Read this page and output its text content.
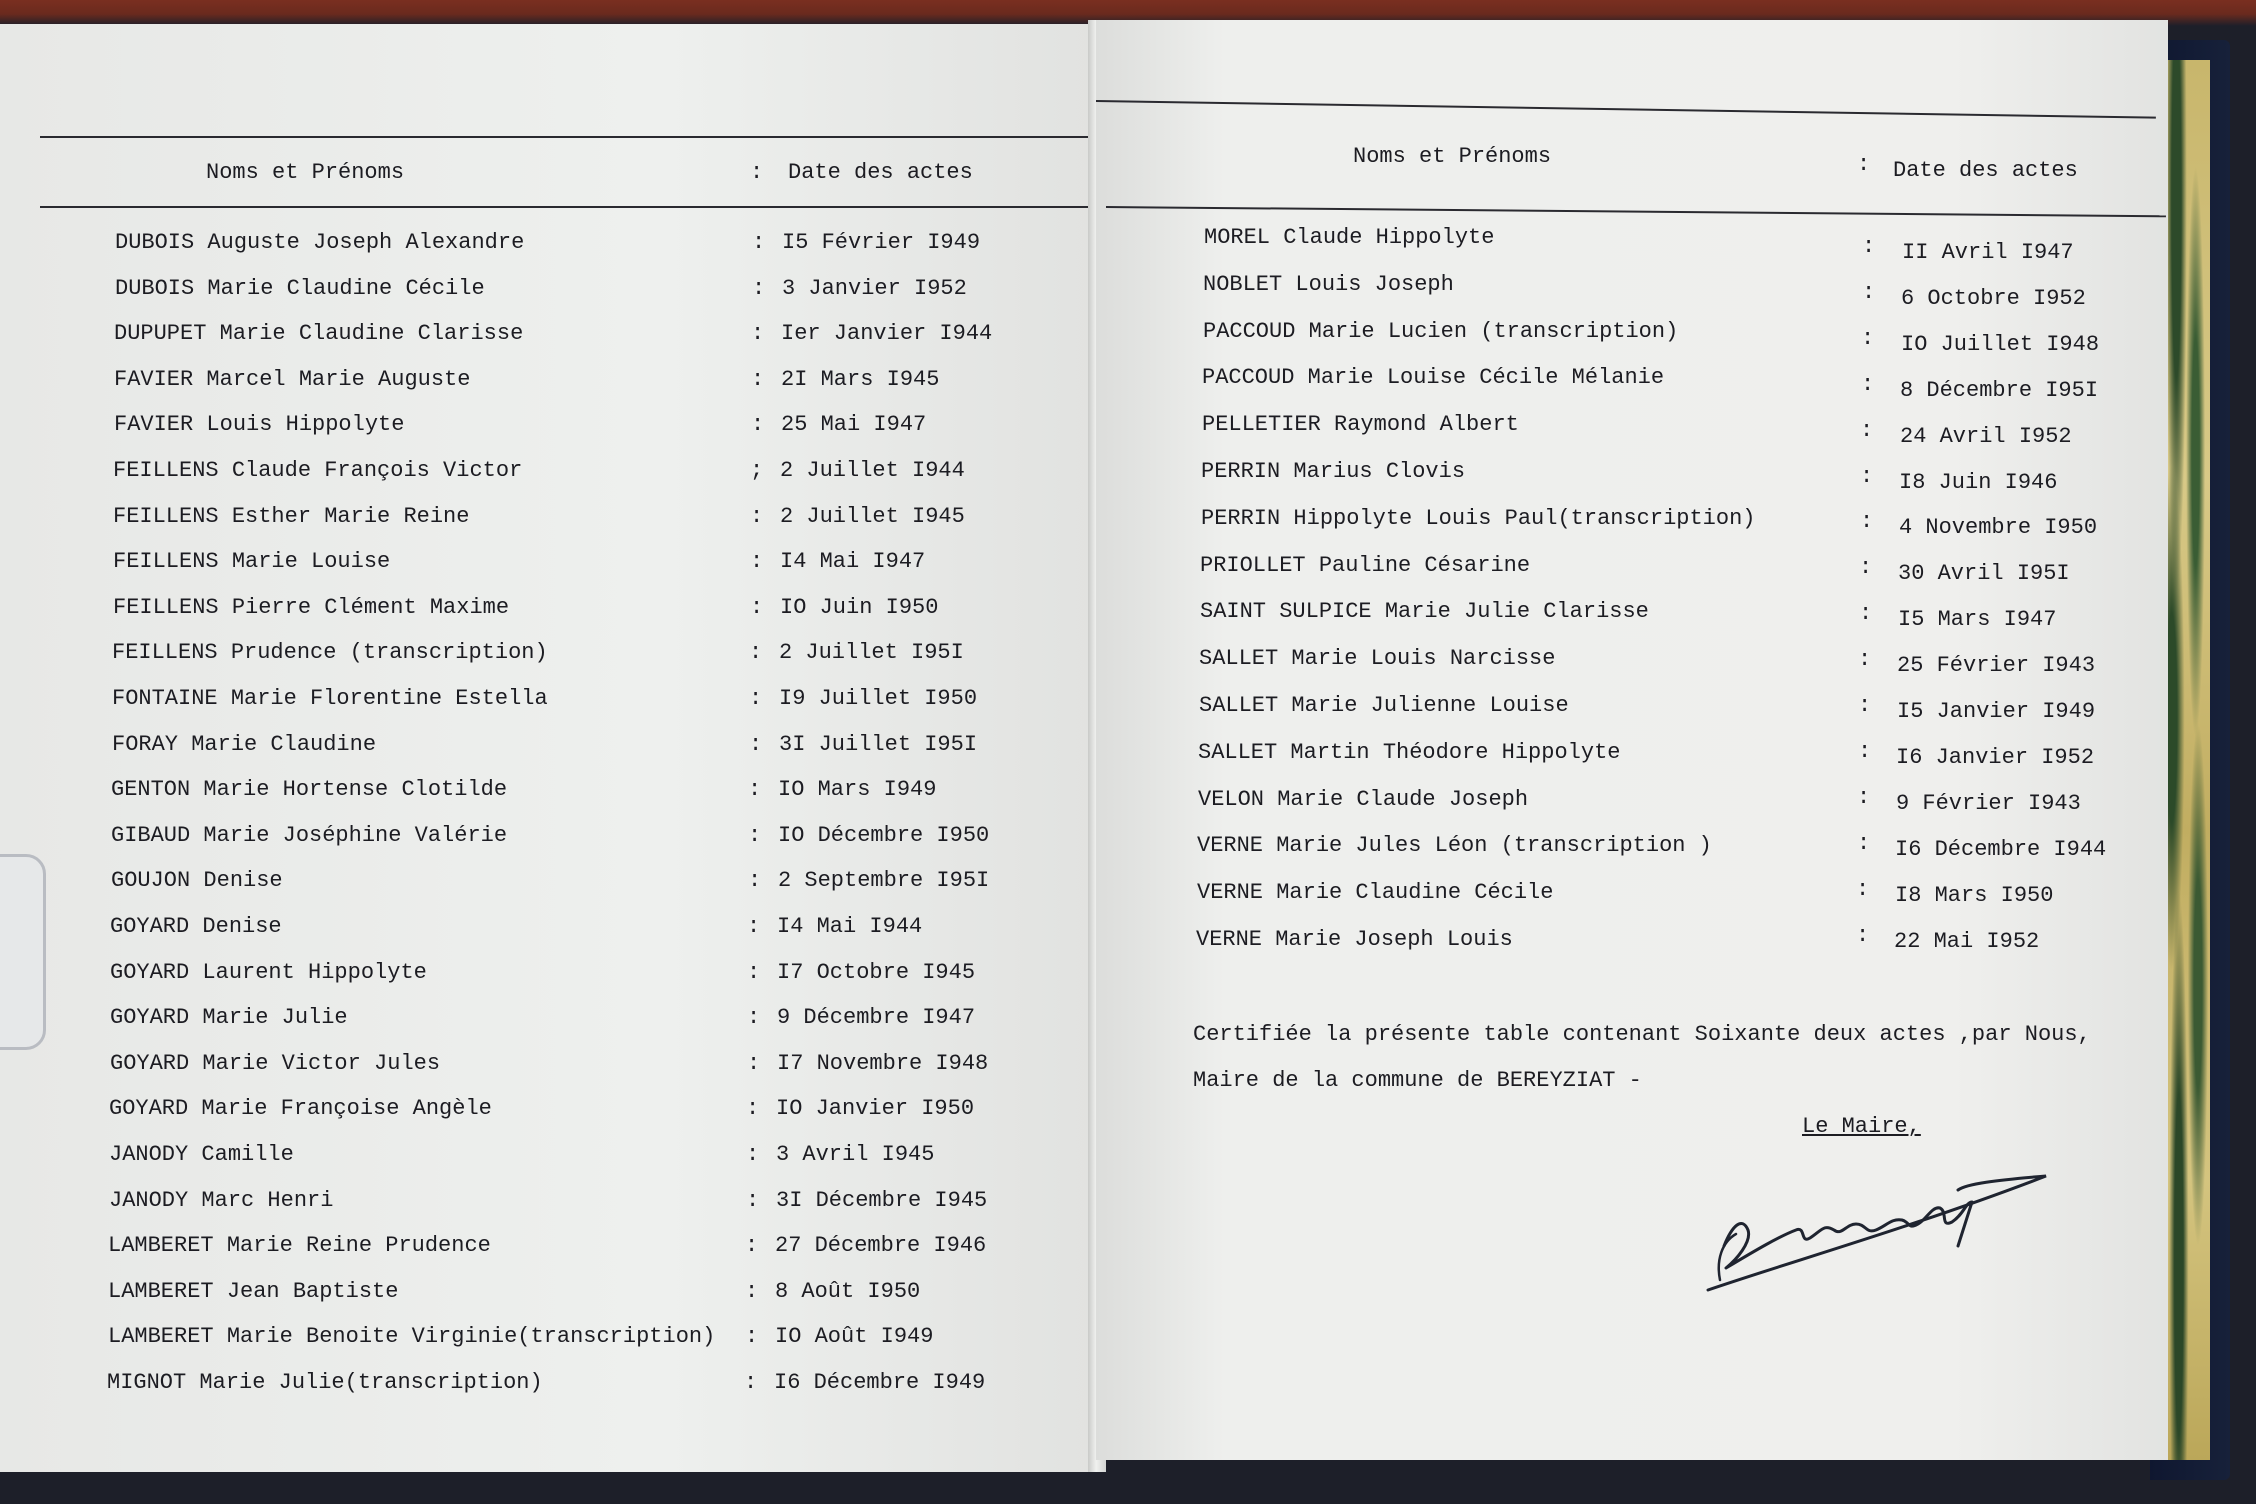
Noms et Prénoms	: Date des actes
DUBOIS Auguste Joseph Alexandre	: I5 Février I949
DUBOIS Marie Claudine Cécile	: 3 Janvier I952
DUPUPET Marie Claudine Clarisse	: Ier Janvier I944
FAVIER Marcel Marie Auguste	: 2I Mars I945
FAVIER Louis Hippolyte	: 25 Mai I947
FEILLENS Claude François Victor	; 2 Juillet I944
FEILLENS Esther Marie Reine	: 2 Juillet I945
FEILLENS Marie Louise	: I4 Mai I947
FEILLENS Pierre Clément Maxime	: IO Juin I950
FEILLENS Prudence (transcription)	: 2 Juillet I95I
FONTAINE Marie Florentine Estella	: I9 Juillet I950
FORAY Marie Claudine	: 3I Juillet I95I
GENTON Marie Hortense Clotilde	: IO Mars I949
GIBAUD Marie Joséphine Valérie	: IO Décembre I950
GOUJON Denise	: 2 Septembre I95I
GOYARD Denise	: I4 Mai I944
GOYARD Laurent Hippolyte	: I7 Octobre I945
GOYARD Marie Julie	: 9 Décembre I947
GOYARD Marie Victor Jules	: I7 Novembre I948
GOYARD Marie Françoise Angèle	: IO Janvier I950
JANODY Camille	: 3 Avril I945
JANODY Marc Henri	: 3I Décembre I945
LAMBERET Marie Reine Prudence	: 27 Décembre I946
LAMBERET Jean Baptiste	: 8 Août I950
LAMBERET Marie Benoite Virginie(transcription) : IO Août I949
MIGNOT Marie Julie(transcription)	: I6 Décembre I949
Noms et Prénoms	: Date des actes
Certifiée la présente table contenant Soixante deux actes ,par Nous,
Maire de la commune de BEREYZIAT -
Le Maire,
MOREL Claude Hippolyte	: II Avril I947
NOBLET Louis Joseph	: 6 Octobre I952
PACCOUD Marie Lucien (transcription)	: IO Juillet I948
PACCOUD Marie Louise Cécile Mélanie	: 8 Décembre I95I
PELLETIER Raymond Albert	: 24 Avril I952
PERRIN Marius Clovis	: I8 Juin I946
PERRIN Hippolyte Louis Paul(transcription)	: 4 Novembre I950
PRIOLLET Pauline Césarine	: 30 Avril I95I
SAINT SULPICE Marie Julie Clarisse	: I5 Mars I947
SALLET Marie Louis Narcisse	: 25 Février I943
SALLET Marie Julienne Louise	: I5 Janvier I949
SALLET Martin Théodore Hippolyte	: I6 Janvier I952
VELON Marie Claude Joseph	: 9 Février I943
VERNE Marie Jules Léon (transcription )	: I6 Décembre I944
VERNE Marie Claudine Cécile	: I8 Mars I950
VERNE Marie Joseph Louis	: 22 Mai I952
